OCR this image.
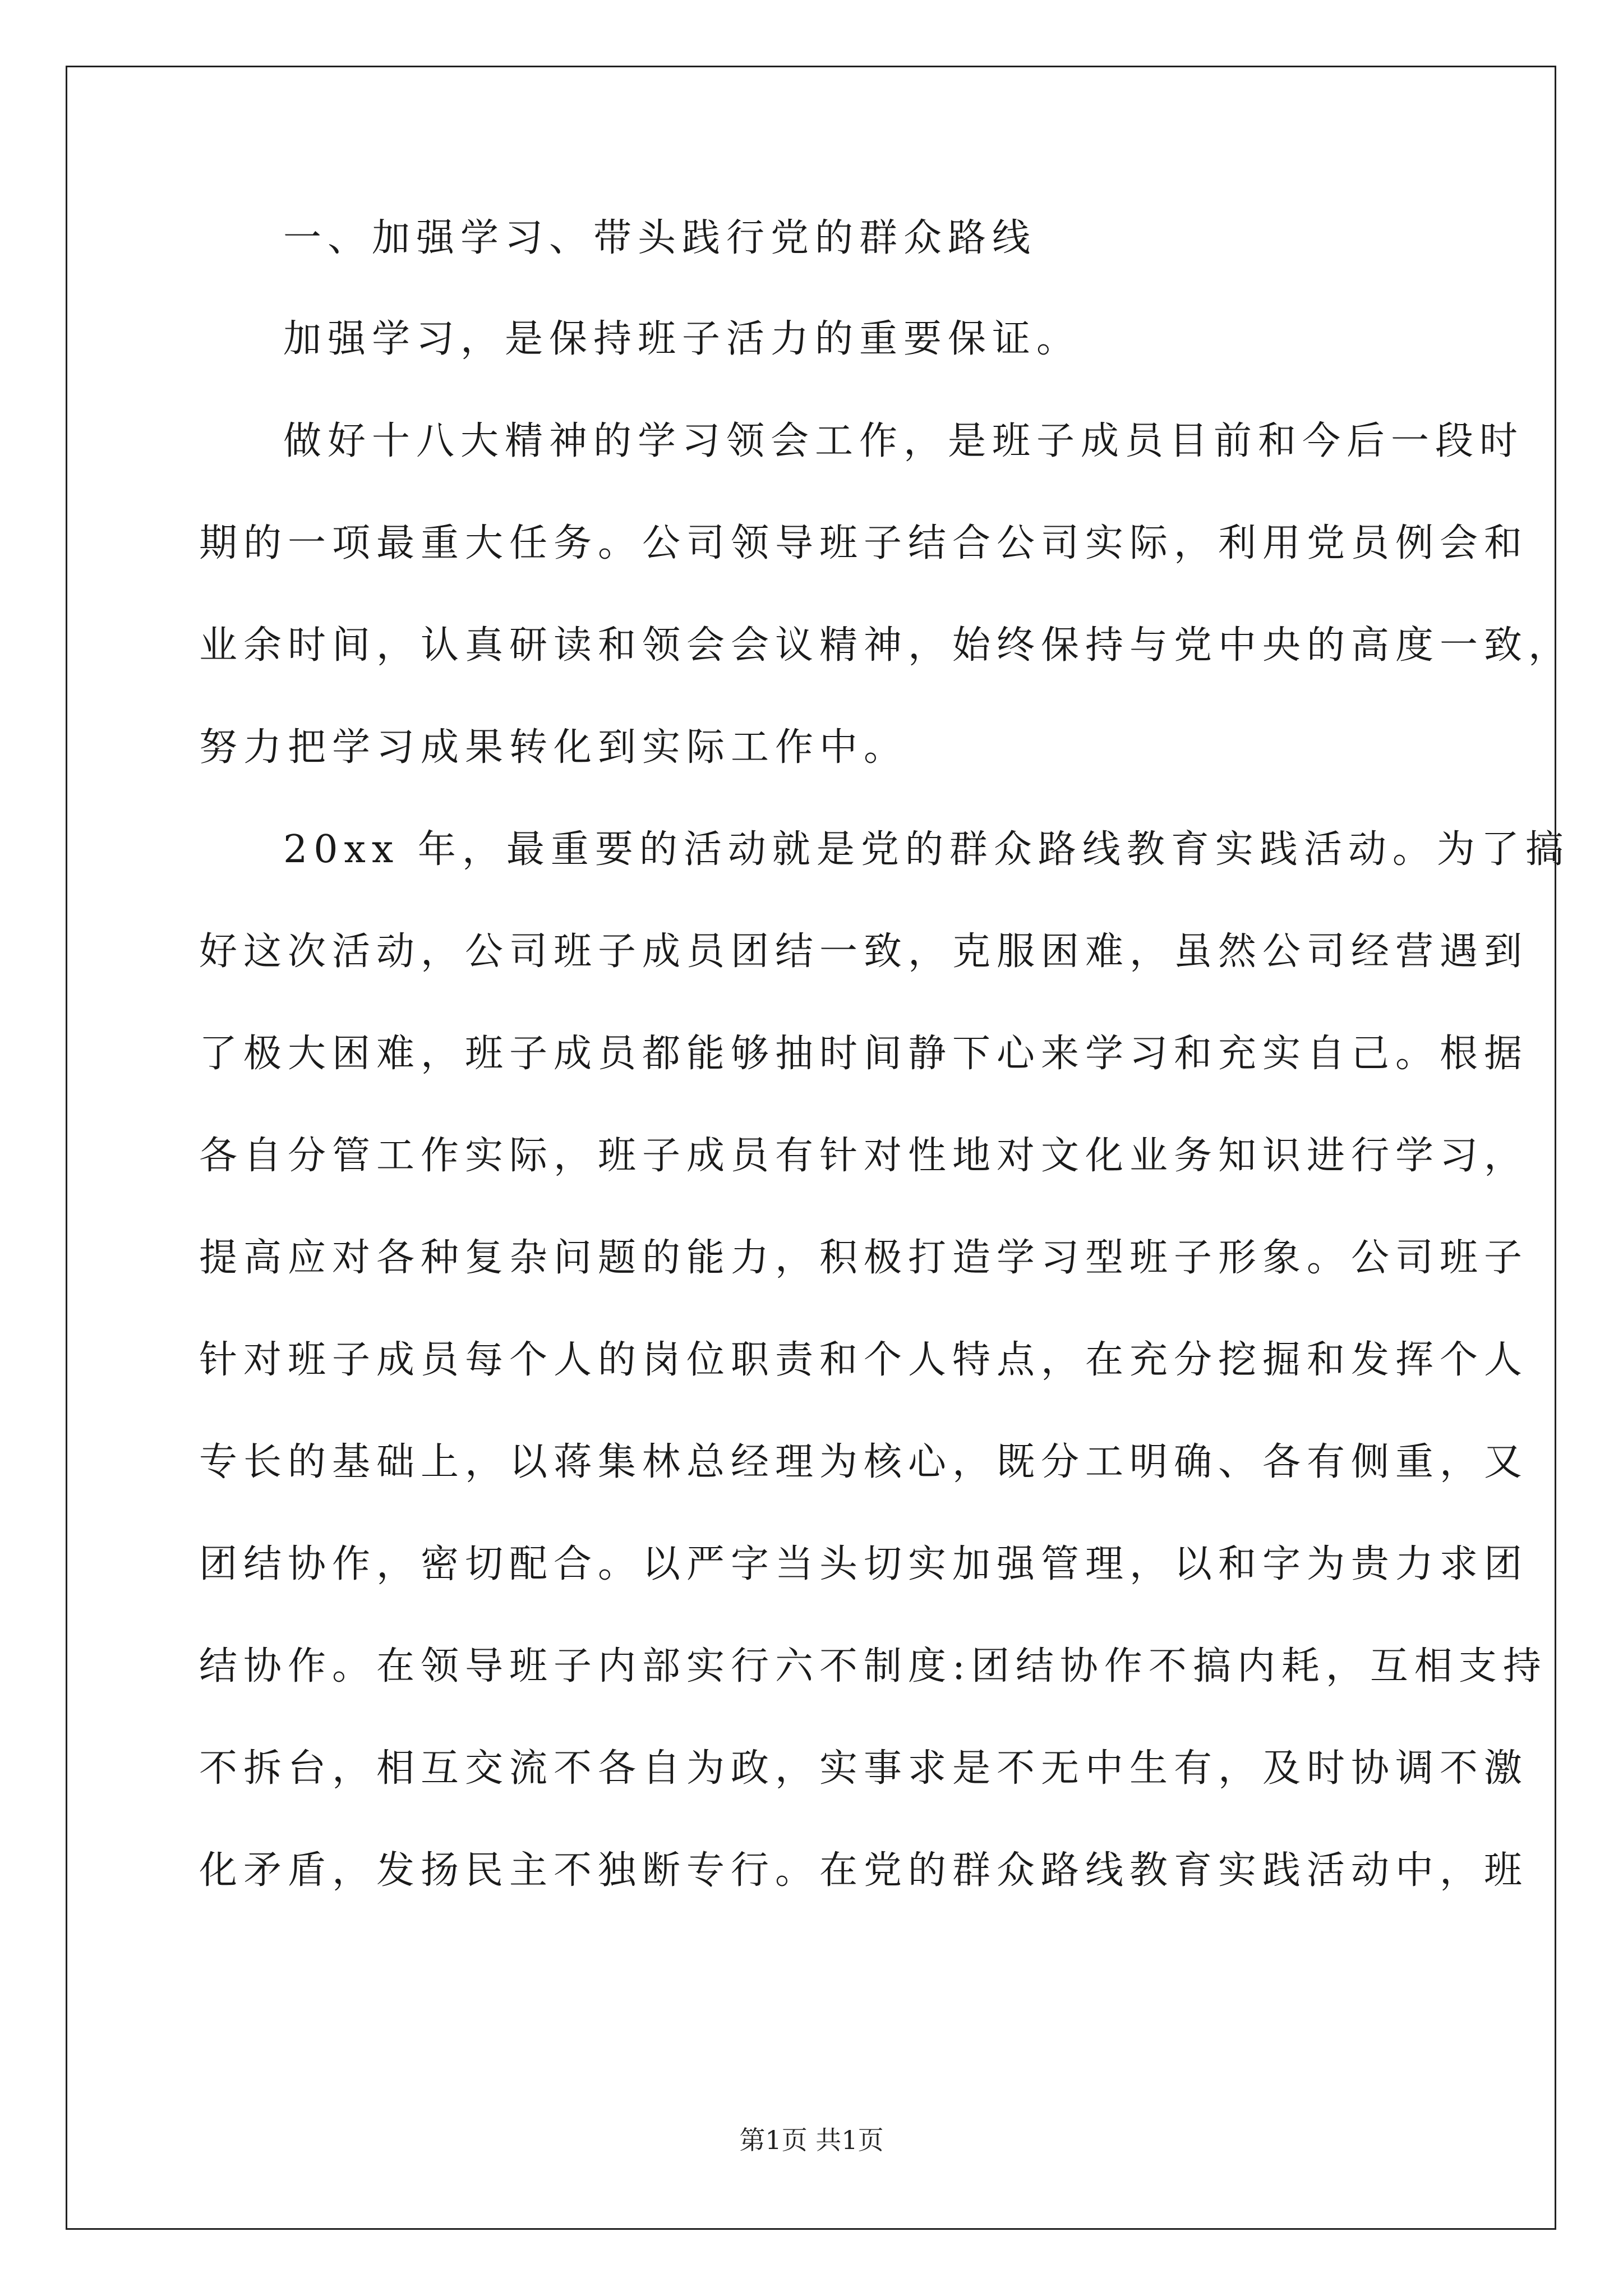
一、加强学习、带头践行党的群众路线
加强学习，是保持班子活力的重要保证。
做好十八大精神的学习领会工作，是班子成员目前和今后一段时
期的一项最重大任务。公司领导班子结合公司实际，利用党员例会和
业余时间，认真研读和领会会议精神，始终保持与党中央的高度一致，
努力把学习成果转化到实际工作中。
20xx 年，最重要的活动就是党的群众路线教育实践活动。为了搞
好这次活动，公司班子成员团结一致，克服困难，虽然公司经营遇到
了极大困难，班子成员都能够抽时间静下心来学习和充实自己。根据
各自分管工作实际，班子成员有针对性地对文化业务知识进行学习，
提高应对各种复杂问题的能力，积极打造学习型班子形象。公司班子
针对班子成员每个人的岗位职责和个人特点，在充分挖掘和发挥个人
专长的基础上，以蒋集林总经理为核心，既分工明确、各有侧重，又
团结协作，密切配合。以严字当头切实加强管理，以和字为贵力求团
结协作。在领导班子内部实行六不制度:团结协作不搞内耗，互相支持
不拆台，相互交流不各自为政，实事求是不无中生有，及时协调不激
化矛盾，发扬民主不独断专行。在党的群众路线教育实践活动中，班
第1页 共1页
